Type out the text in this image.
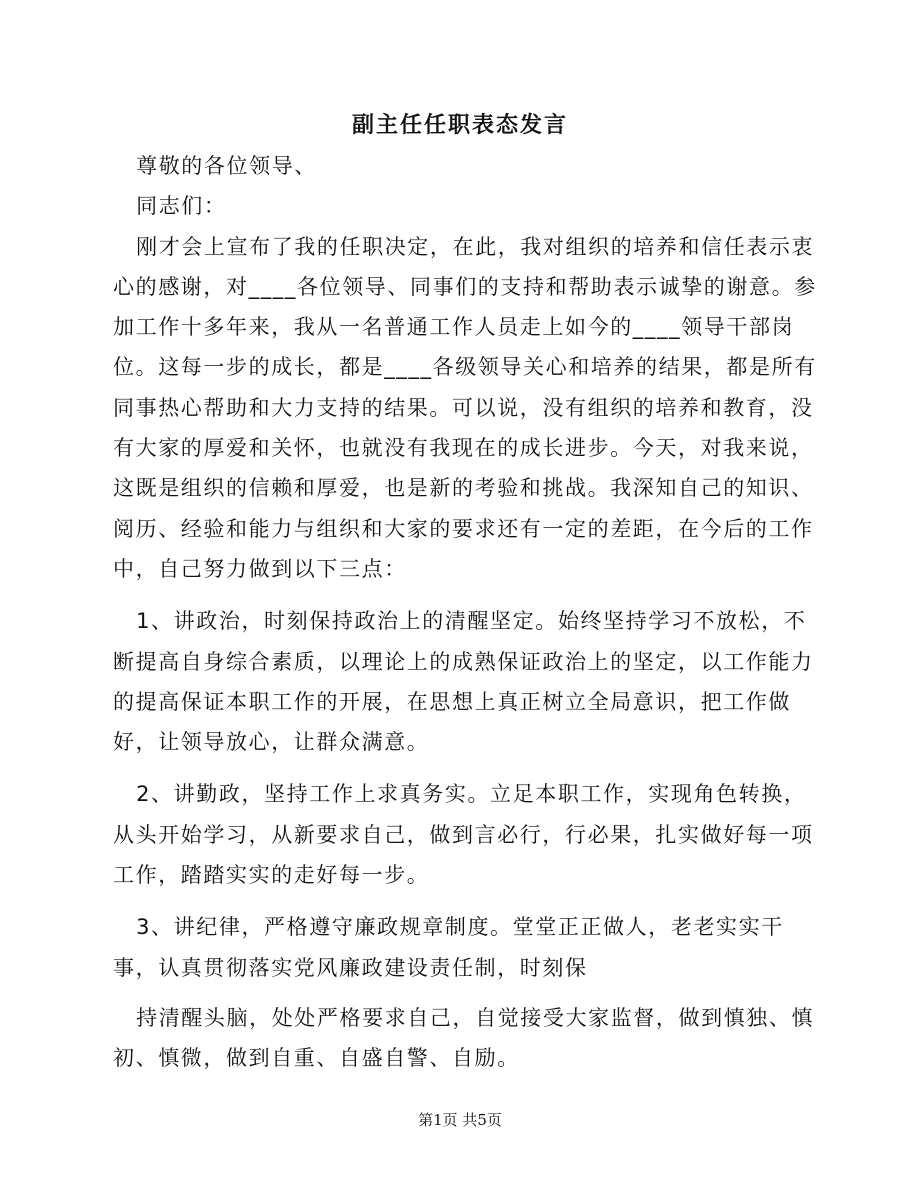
副主任任职表态发言

尊敬的各位领导、

同志们：

刚才会上宣布了我的任职决定，在此，我对组织的培养和信任表示衷心的感谢，对____各位领导、同事们的支持和帮助表示诚挚的谢意。参加工作十多年来，我从一名普通工作人员走上如今的____领导干部岗位。这每一步的成长，都是____各级领导关心和培养的结果，都是所有同事热心帮助和大力支持的结果。可以说，没有组织的培养和教育，没有大家的厚爱和关怀，也就没有我现在的成长进步。今天，对我来说，这既是组织的信赖和厚爱，也是新的考验和挑战。我深知自己的知识、阅历、经验和能力与组织和大家的要求还有一定的差距，在今后的工作中，自己努力做到以下三点：

1、讲政治，时刻保持政治上的清醒坚定。始终坚持学习不放松，不断提高自身综合素质，以理论上的成熟保证政治上的坚定，以工作能力的提高保证本职工作的开展，在思想上真正树立全局意识，把工作做好，让领导放心，让群众满意。

2、讲勤政，坚持工作上求真务实。立足本职工作，实现角色转换，从头开始学习，从新要求自己，做到言必行，行必果，扎实做好每一项工作，踏踏实实的走好每一步。

3、讲纪律，严格遵守廉政规章制度。堂堂正正做人，老老实实干事，认真贯彻落实党风廉政建设责任制，时刻保

持清醒头脑，处处严格要求自己，自觉接受大家监督，做到慎独、慎初、慎微，做到自重、自盛自警、自励。

第1页 共5页
